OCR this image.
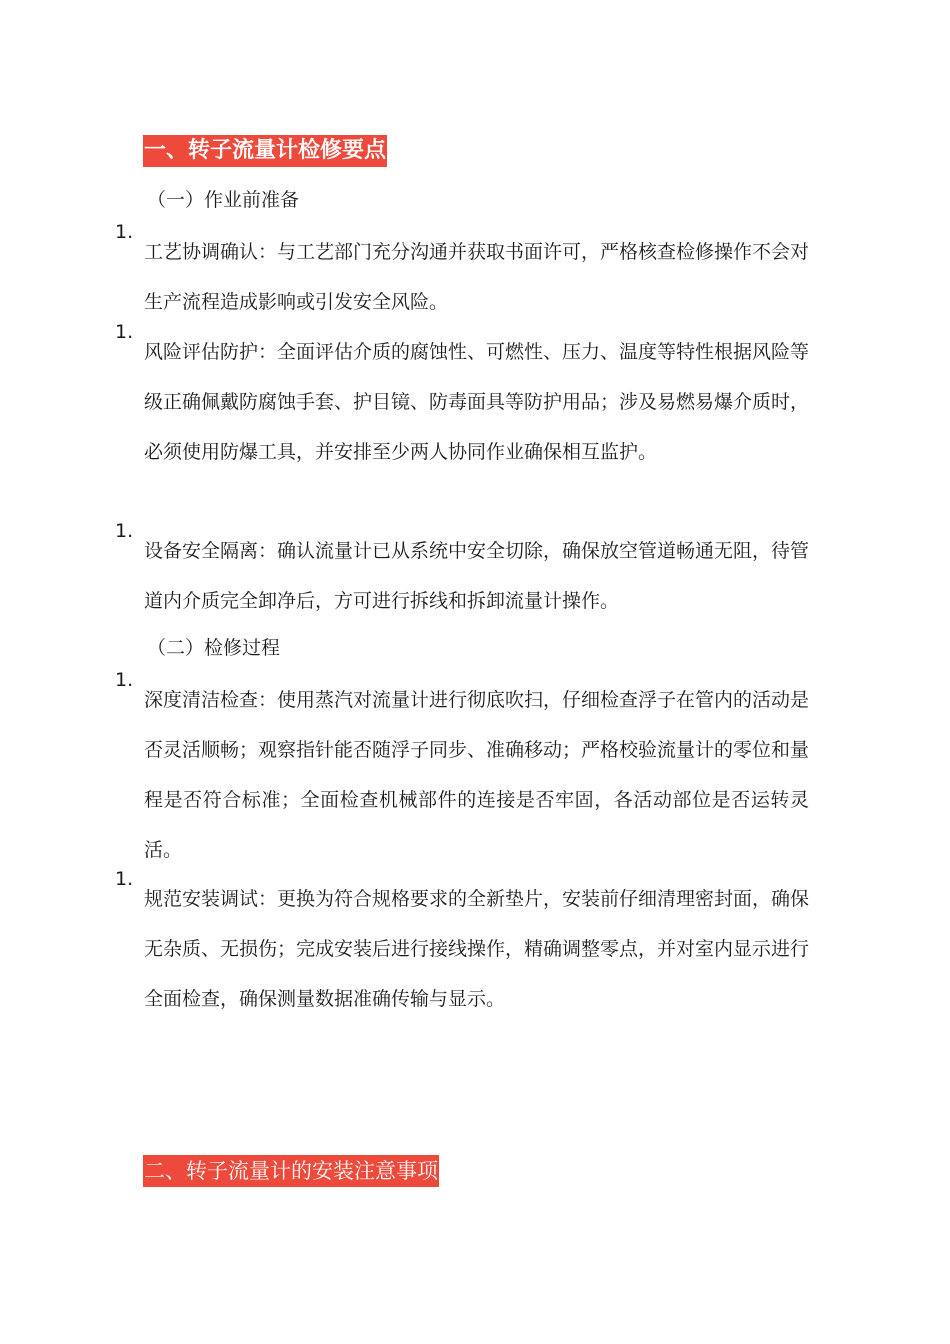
一、转子流量计检修要点
（一）作业前准备
1.
工艺协调确认：与工艺部门充分沟通并获取书面许可，严格核查检修操作不会对生产流程造成影响或引发安全风险。
1.
风险评估防护：全面评估介质的腐蚀性、可燃性、压力、温度等特性根据风险等级正确佩戴防腐蚀手套、护目镜、防毒面具等防护用品；涉及易燃易爆介质时，必须使用防爆工具，并安排至少两人协同作业确保相互监护。
1.
设备安全隔离：确认流量计已从系统中安全切除，确保放空管道畅通无阻，待管道内介质完全卸净后，方可进行拆线和拆卸流量计操作。
（二）检修过程
1.
深度清洁检查：使用蒸汽对流量计进行彻底吹扫，仔细检查浮子在管内的活动是否灵活顺畅；观察指针能否随浮子同步、准确移动；严格校验流量计的零位和量程是否符合标准；全面检查机械部件的连接是否牢固，各活动部位是否运转灵活。
1.
规范安装调试：更换为符合规格要求的全新垫片，安装前仔细清理密封面，确保无杂质、无损伤；完成安装后进行接线操作，精确调整零点，并对室内显示进行全面检查，确保测量数据准确传输与显示。
二、转子流量计的安装注意事项
